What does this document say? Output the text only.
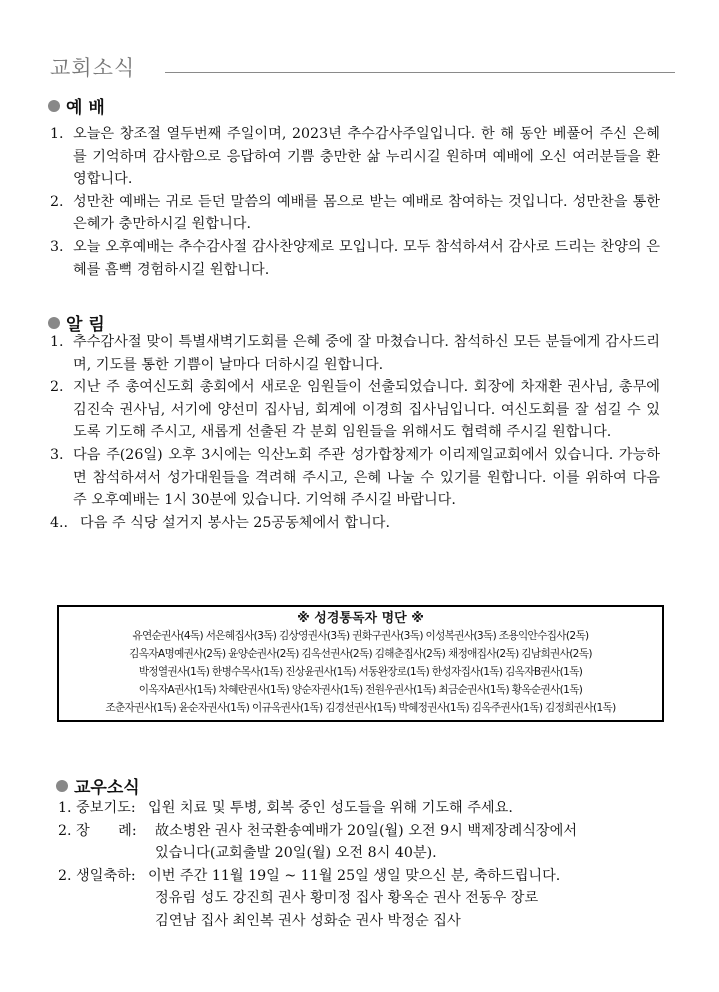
교회소식
예 배
1. 오늘은 창조절 열두번째 주일이며, 2023년 추수감사주일입니다. 한 해 동안 베풀어 주신 은혜를 기억하며 감사함으로 응답하여 기쁨 충만한 삶 누리시길 원하며 예배에 오신 여러분들을 환영합니다.
2. 성만찬 예배는 귀로 듣던 말씀의 예배를 몸으로 받는 예배로 참여하는 것입니다. 성만찬을 통한 은혜가 충만하시길 원합니다.
3. 오늘 오후예배는 추수감사절 감사찬양제로 모입니다. 모두 참석하셔서 감사로 드리는 찬양의 은혜를 흠뻑 경험하시길 원합니다.
알 림
1. 추수감사절 맞이 특별새벽기도회를 은혜 중에 잘 마쳤습니다. 참석하신 모든 분들에게 감사드리며, 기도를 통한 기쁨이 날마다 더하시길 원합니다.
2. 지난 주 총여신도회 총회에서 새로운 임원들이 선출되었습니다. 회장에 차재환 권사님, 총무에 김진숙 권사님, 서기에 양선미 집사님, 회계에 이경희 집사님입니다. 여신도회를 잘 섬길 수 있도록 기도해 주시고, 새롭게 선출된 각 분회 임원들을 위해서도 협력해 주시길 원합니다.
3. 다음 주(26일) 오후 3시에는 익산노회 주관 성가합창제가 이리제일교회에서 있습니다. 가능하면 참석하셔서 성가대원들을 격려해 주시고, 은혜 나눌 수 있기를 원합니다. 이를 위하여 다음 주 오후예배는 1시 30분에 있습니다. 기억해 주시길 바랍니다.
4.. 다음 주 식당 설거지 봉사는 25공동체에서 합니다.
※ 성경통독자 명단 ※
유연순권사(4독) 서은혜집사(3독) 김상영권사(3독) 권화구권사(3독) 이성복권사(3독) 조용익안수집사(2독)
김옥자A명예권사(2독) 윤양순권사(2독) 김옥선권사(2독) 김해춘집사(2독) 채정애집사(2독) 김남희권사(2독)
박정열권사(1독) 한병수목사(1독) 진상윤권사(1독) 서동완장로(1독) 한성자집사(1독) 김옥자B권사(1독)
이옥자A권사(1독) 차혜란권사(1독) 양순자권사(1독) 전원우권사(1독) 최금순권사(1독) 황옥순권사(1독)
조춘자권사(1독) 윤순자권사(1독) 이규옥권사(1독) 김경선권사(1독) 박혜정권사(1독) 김옥주권사(1독) 김정희권사(1독)
교우소식
1. 중보기도: 입원 치료 및 투병, 회복 중인 성도들을 위해 기도해 주세요.
2. 장　　례:	故소병완 권사 천국환송예배가 20일(월) 오전 9시 백제장례식장에서
있습니다(교회출발 20일(월) 오전 8시 40분).
2. 생일축하: 이번 주간 11월 19일 ~ 11월 25일 생일 맞으신 분, 축하드립니다.
정유림 성도 강진희 권사 황미정 집사 황옥순 권사 전동우 장로
김연남 집사 최인복 권사 성화순 권사 박정순 집사
